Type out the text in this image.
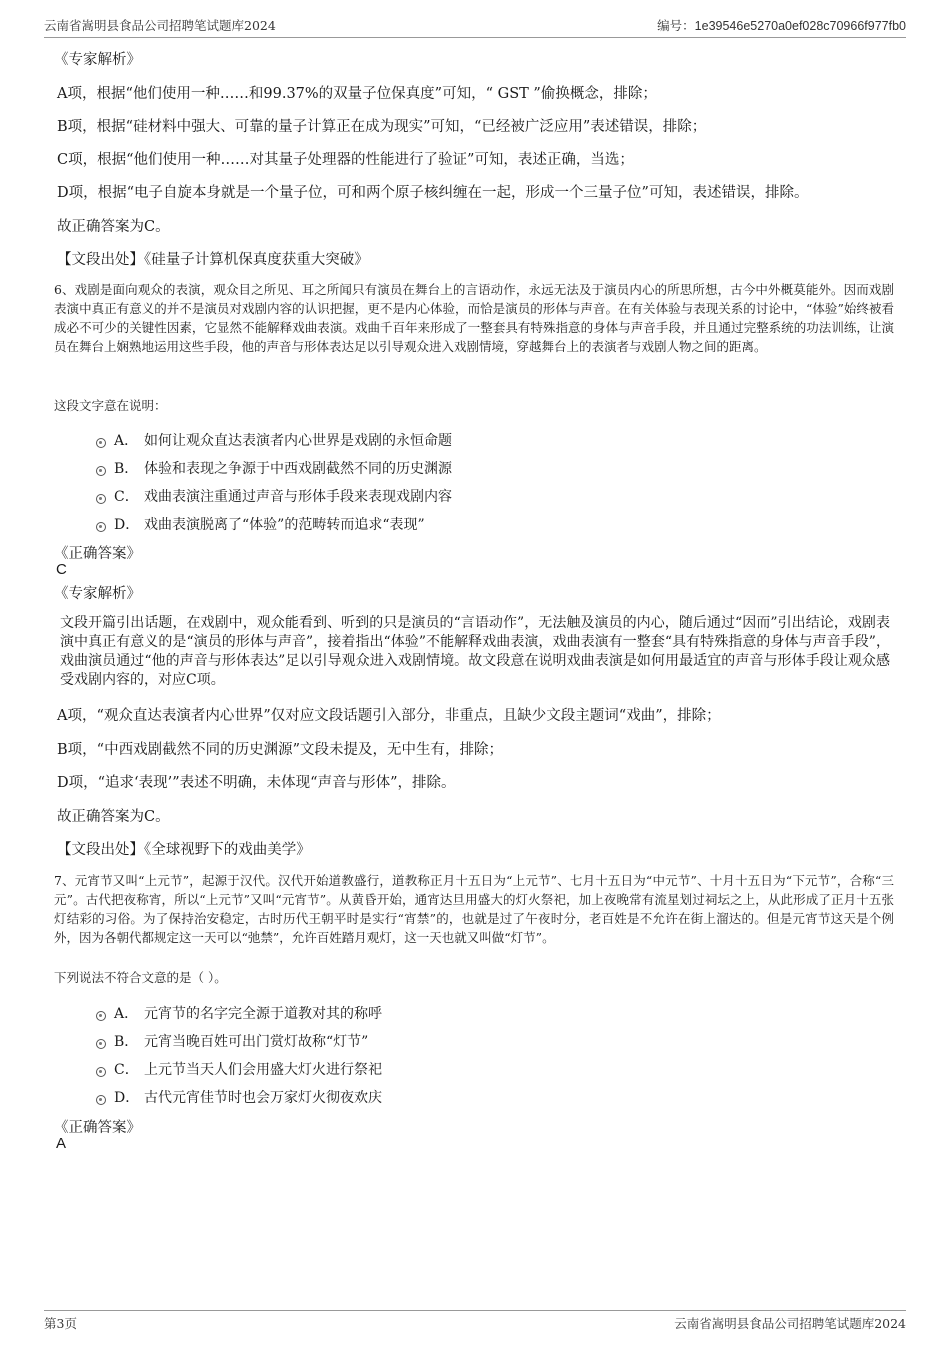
云南省嵩明县食品公司招聘笔试题库2024	编号：1e39546e5270a0ef028c70966f977fb0
《专家解析》
A项，根据“他们使用一种……和99.37%的双量子位保真度”可知，“ GST ”偷换概念，排除；
B项，根据“硅材料中强大、可靠的量子计算正在成为现实”可知，“已经被广泛应用”表述错误，排除；
C项，根据“他们使用一种……对其量子处理器的性能进行了验证”可知，表述正确，当选；
D项，根据“电子自旋本身就是一个量子位，可和两个原子核纠缠在一起，形成一个三量子位”可知，表述错误，排除。
故正确答案为C。
【文段出处】《硅量子计算机保真度获重大突破》
6、戏剧是面向观众的表演，观众目之所见、耳之所闻只有演员在舞台上的言语动作，永远无法及于演员内心的所思所想，古今中外概莫能外。因而戏剧表演中真正有意义的并不是演员对戏剧内容的认识把握，更不是内心体验，而恰是演员的形体与声音。在有关体验与表现关系的讨论中，“体验”始终被看成必不可少的关键性因素，它显然不能解释戏曲表演。戏曲千百年来形成了一整套具有特殊指意的身体与声音手段，并且通过完整系统的功法训练，让演员在舞台上娴熟地运用这些手段，他的声音与形体表达足以引导观众进入戏剧情境，穿越舞台上的表演者与戏剧人物之间的距离。
这段文字意在说明：
A． 如何让观众直达表演者内心世界是戏剧的永恒命题
B． 体验和表现之争源于中西戏剧截然不同的历史渊源
C． 戏曲表演注重通过声音与形体手段来表现戏剧内容
D． 戏曲表演脱离了“体验”的范畴转而追求“表现”
《正确答案》
C
《专家解析》
文段开篇引出话题，在戏剧中，观众能看到、听到的只是演员的“言语动作”，无法触及演员的内心，随后通过“因而”引出结论，戏剧表演中真正有意义的是“演员的形体与声音”，接着指出“体验”不能解释戏曲表演，戏曲表演有一整套“具有特殊指意的身体与声音手段”，戏曲演员通过“他的声音与形体表达”足以引导观众进入戏剧情境。故文段意在说明戏曲表演是如何用最适宜的声音与形体手段让观众感受戏剧内容的，对应C项。
A项，“观众直达表演者内心世界”仅对应文段话题引入部分，非重点，且缺少文段主题词“戏曲”，排除；
B项，“中西戏剧截然不同的历史渊源”文段未提及，无中生有，排除；
D项，“追求‘表现’”表述不明确，未体现“声音与形体”，排除。
故正确答案为C。
【文段出处】《全球视野下的戏曲美学》
7、元宵节又叫“上元节”，起源于汉代。汉代开始道教盛行，道教称正月十五日为“上元节”、七月十五日为“中元节”、十月十五日为“下元节”，合称“三元”。古代把夜称宵，所以“上元节”又叫“元宵节”。从黄昏开始，通宵达旦用盛大的灯火祭祀，加上夜晚常有流星划过祠坛之上，从此形成了正月十五张灯结彩的习俗。为了保持治安稳定，古时历代王朝平时是实行“宵禁”的，也就是过了午夜时分，老百姓是不允许在街上溜达的。但是元宵节这天是个例外，因为各朝代都规定这一天可以“弛禁”，允许百姓踏月观灯，这一天也就又叫做“灯节”。
下列说法不符合文意的是（ ）。
A． 元宵节的名字完全源于道教对其的称呼
B． 元宵当晚百姓可出门赏灯故称“灯节”
C． 上元节当天人们会用盛大灯火进行祭祀
D． 古代元宵佳节时也会万家灯火彻夜欢庆
《正确答案》
A
第3页	云南省嵩明县食品公司招聘笔试题库2024
